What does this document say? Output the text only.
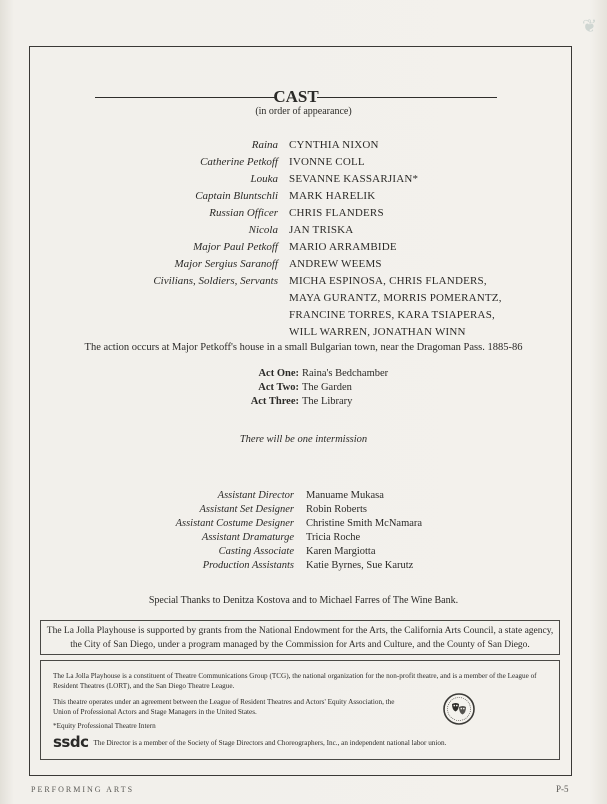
❦
CAST
(in order of appearance)
Raina CYNTHIA NIXON
Catherine Petkoff IVONNE COLL
Louka SEVANNE KASSARJIAN*
Captain Bluntschli MARK HARELIK
Russian Officer CHRIS FLANDERS
Nicola JAN TRISKA
Major Paul Petkoff MARIO ARRAMBIDE
Major Sergius Saranoff ANDREW WEEMS
Civilians, Soldiers, Servants MICHA ESPINOSA, CHRIS FLANDERS,
MAYA GURANTZ, MORRIS POMERANTZ,
FRANCINE TORRES, KARA TSIAPERAS,
WILL WARREN, JONATHAN WINN
The action occurs at Major Petkoff's house in a small Bulgarian town, near the Dragoman Pass. 1885-86
Act One: Raina's Bedchamber
Act Two: The Garden
Act Three: The Library
There will be one intermission
Assistant Director Manuame Mukasa
Assistant Set Designer Robin Roberts
Assistant Costume Designer Christine Smith McNamara
Assistant Dramaturge Tricia Roche
Casting Associate Karen Margiotta
Production Assistants Katie Byrnes, Sue Karutz
Special Thanks to Denitza Kostova and to Michael Farres of The Wine Bank.
The La Jolla Playhouse is supported by grants from the National Endowment for the Arts, the California Arts Council, a state agency, the City of San Diego, under a program managed by the Commission for Arts and Culture, and the County of San Diego.
The La Jolla Playhouse is a constituent of Theatre Communications Group (TCG), the national organization for the non-profit theatre, and is a member of the League of Resident Theatres (LORT), and the San Diego Theatre League.
This theatre operates under an agreement between the League of Resident Theatres and Actors' Equity Association, the Union of Professional Actors and Stage Managers in the United States.
*Equity Professional Theatre Intern
ssdc The Director is a member of the Society of Stage Directors and Choreographers, Inc., an independent national labor union.
PERFORMING ARTS	P-5
